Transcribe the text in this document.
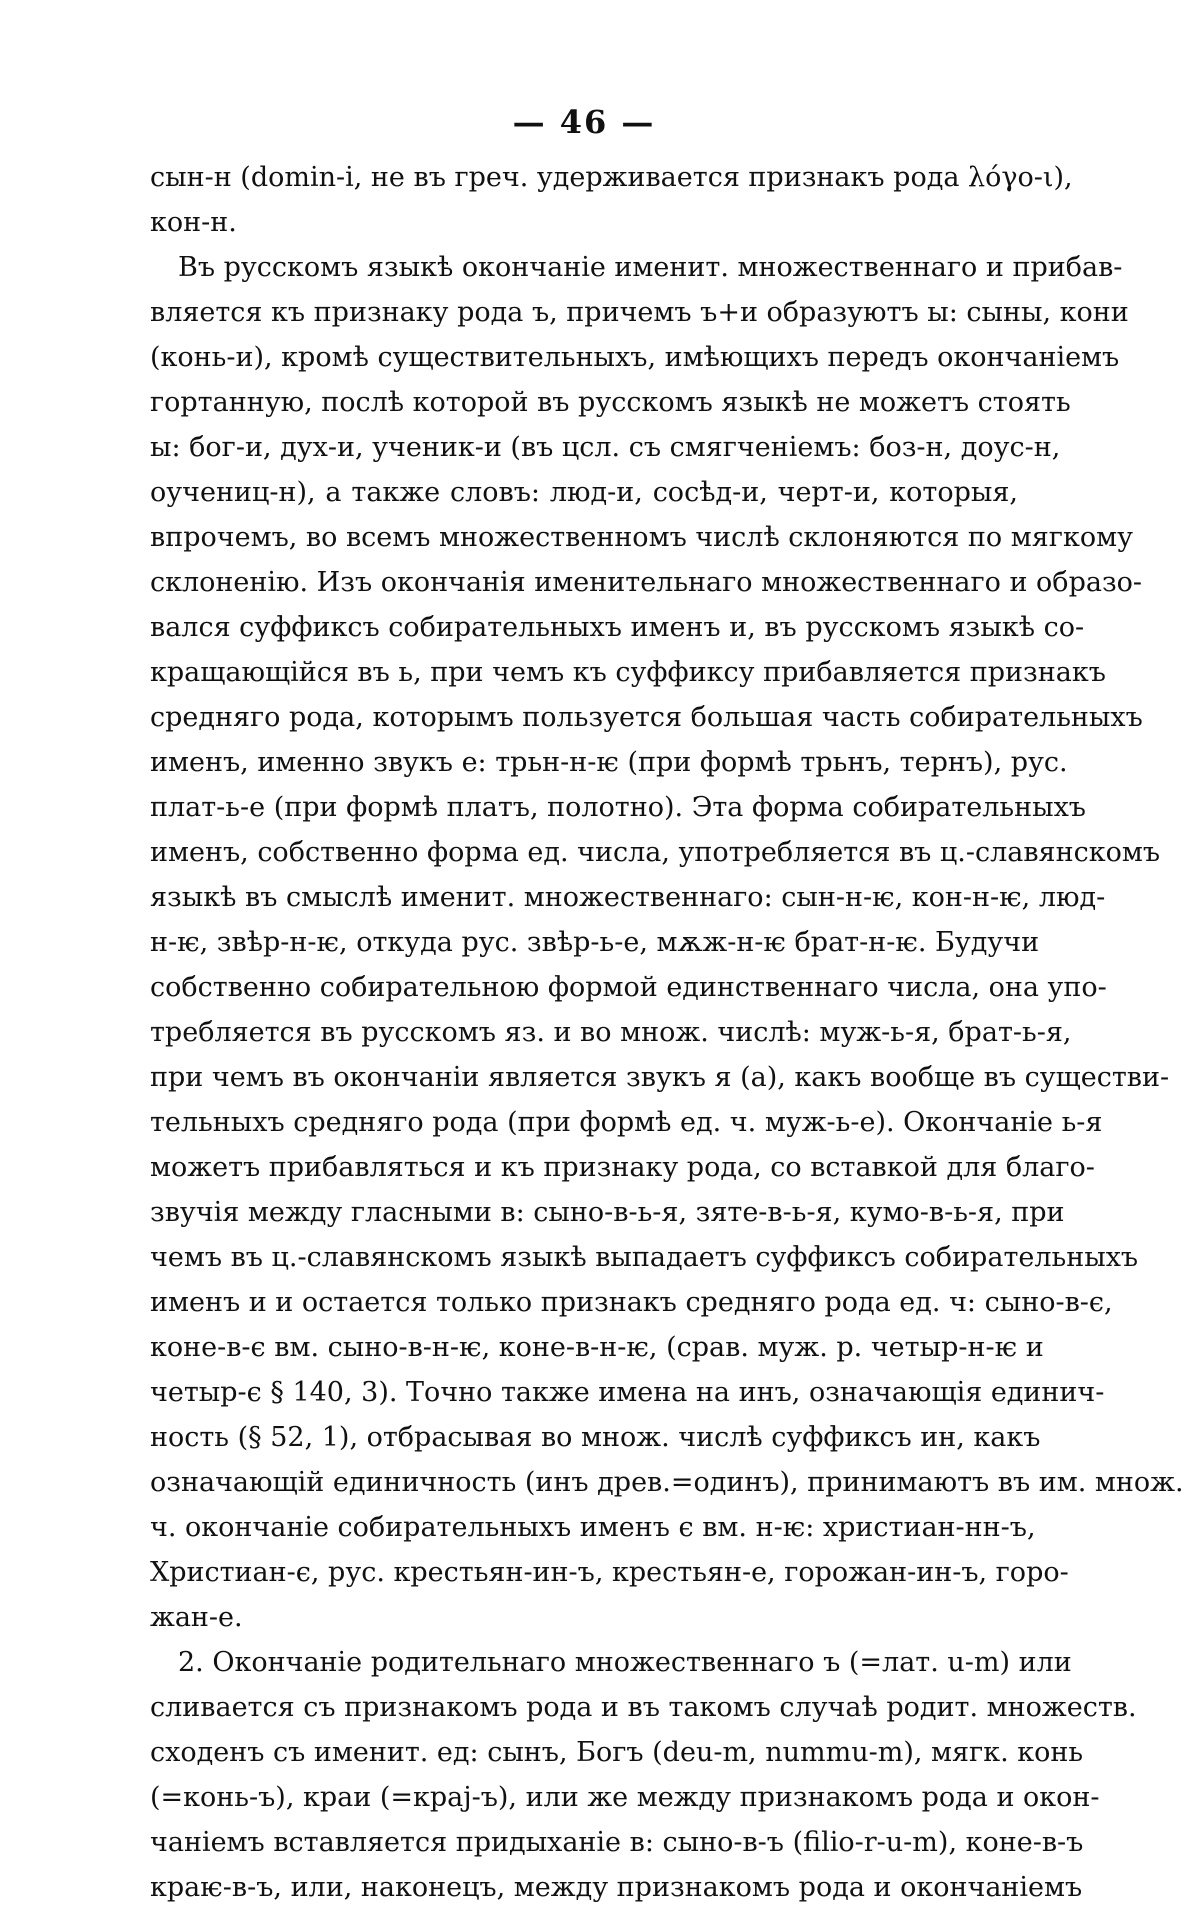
— 46 —
сын-н (domin-i, не въ греч. удерживается признакъ рода λόγο-ι),
кон-н.
Въ русскомъ языкѣ окончаніе именит. множественнаго и прибав-
вляется къ признаку рода ъ, причемъ ъ+и образуютъ ы: сыны, кони
(конь-и), кромѣ существительныхъ, имѣющихъ передъ окончаніемъ
гортанную, послѣ которой въ русскомъ языкѣ не можетъ стоять
ы: бог-и, дух-и, ученик-и (въ цсл. съ смягченіемъ: боз-н, доус-н,
оучениц-н), а также словъ: люд-и, сосѣд-и, черт-и, которыя,
впрочемъ, во всемъ множественномъ числѣ склоняются по мягкому
склоненію. Изъ окончанія именительнаго множественнаго и образо-
вался суффиксъ собирательныхъ именъ и, въ русскомъ языкѣ со-
кращающійся въ ь, при чемъ къ суффиксу прибавляется признакъ
средняго рода, которымъ пользуется большая часть собирательныхъ
именъ, именно звукъ е: трьн-н-ѥ (при формѣ трьнъ, тернъ), рус.
плат-ь-е (при формѣ платъ, полотно). Эта форма собирательныхъ
именъ, собственно форма ед. числа, употребляется въ ц.-славянскомъ
языкѣ въ смыслѣ именит. множественнаго: сын-н-ѥ, кон-н-ѥ, люд-
н-ѥ, звѣр-н-ѥ, откуда рус. звѣр-ь-е, мѫж-н-ѥ брат-н-ѥ. Будучи
собственно собирательною формой единственнаго числа, она упо-
требляется въ русскомъ яз. и во множ. числѣ: муж-ь-я, брат-ь-я,
при чемъ въ окончаніи является звукъ я (а), какъ вообще въ существи-
тельныхъ средняго рода (при формѣ ед. ч. муж-ь-е). Окончаніе ь-я
можетъ прибавляться и къ признаку рода, со вставкой для благо-
звучія между гласными в: сыно-в-ь-я, зяте-в-ь-я, кумо-в-ь-я, при
чемъ въ ц.-славянскомъ языкѣ выпадаетъ суффиксъ собирательныхъ
именъ и и остается только признакъ средняго рода ед. ч: сыно-в-є,
коне-в-є вм. сыно-в-н-ѥ, коне-в-н-ѥ, (срав. муж. р. четыр-н-ѥ и
четыр-є § 140, 3). Точно также имена на инъ, означающія единич-
ность (§ 52, 1), отбрасывая во множ. числѣ суффиксъ ин, какъ
означающій единичность (инъ древ.=одинъ), принимаютъ въ им. множ.
ч. окончаніе собирательныхъ именъ є вм. н-ѥ: христиан-нн-ъ,
Христиан-є, рус. крестьян-ин-ъ, крестьян-е, горожан-ин-ъ, горо-
жан-е.
2. Окончаніе родительнаго множественнаго ъ (=лат. u-m) или
сливается съ признакомъ рода и въ такомъ случаѣ родит. множеств.
сходенъ съ именит. ед: сынъ, Богъ (deu-m, nummu-m), мягк. конь
(=конь-ъ), краи (=кpaj-ъ), или же между признакомъ рода и окон-
чаніемъ вставляется придыханіе в: сыно-в-ъ (filio-r-u-m), коне-в-ъ
краѥ-в-ъ, или, наконецъ, между признакомъ рода и окончаніемъ
